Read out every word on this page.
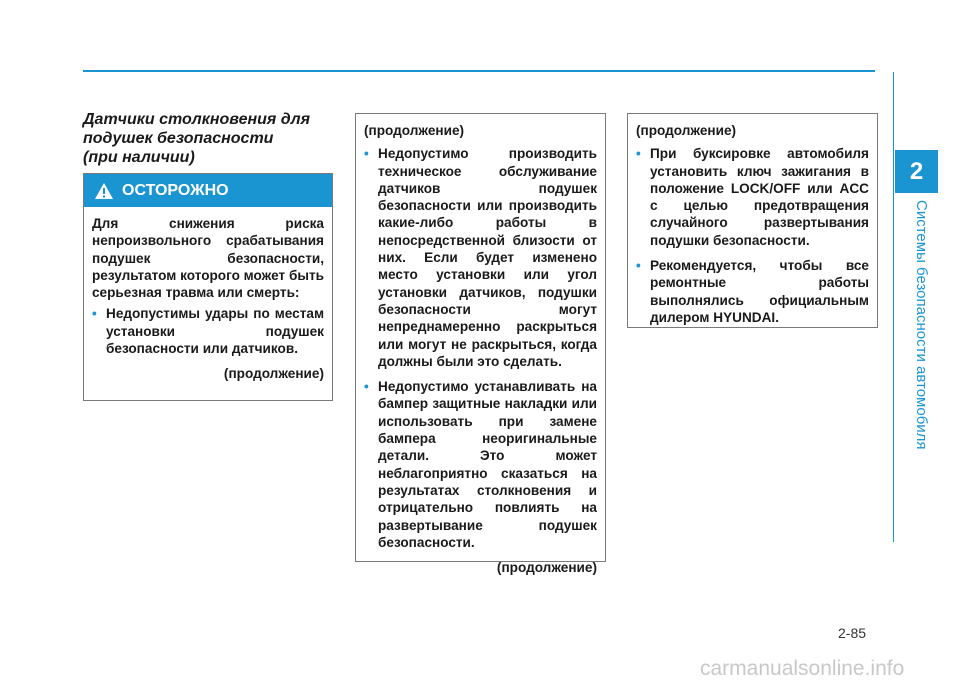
2
Системы безопасности автомобиля
Датчики столкновения для
подушек безопасности
(при наличии)
ОСТОРОЖНО

Для снижения риска непроизвольного срабатывания подушек безопасности, результатом которого может быть серьезная травма или смерть:

• Недопустимы удары по местам установки подушек безопасности или датчиков.

(продолжение)

(продолжение)

• Недопустимо производить техническое обслуживание датчиков подушек безопасности или производить какие-либо работы в непосредственной близости от них. Если будет изменено место установки или угол установки датчиков, подушки безопасности могут непреднамеренно раскрыться или могут не раскрыться, когда должны были это сделать.
• Недопустимо устанавливать на бампер защитные накладки или использовать при замене бампера неоригинальные детали. Это может неблагоприятно сказаться на результатах столкновения и отрицательно повлиять на развертывание подушек безопасности.

(продолжение)

(продолжение)

• При буксировке автомобиля установить ключ зажигания в положение LOCK/OFF или ACC с целью предотвращения случайного развертывания подушки безопасности.
• Рекомендуется, чтобы все ремонтные работы выполнялись официальным дилером HYUNDAI.
2-85
carmanualsonline.info
